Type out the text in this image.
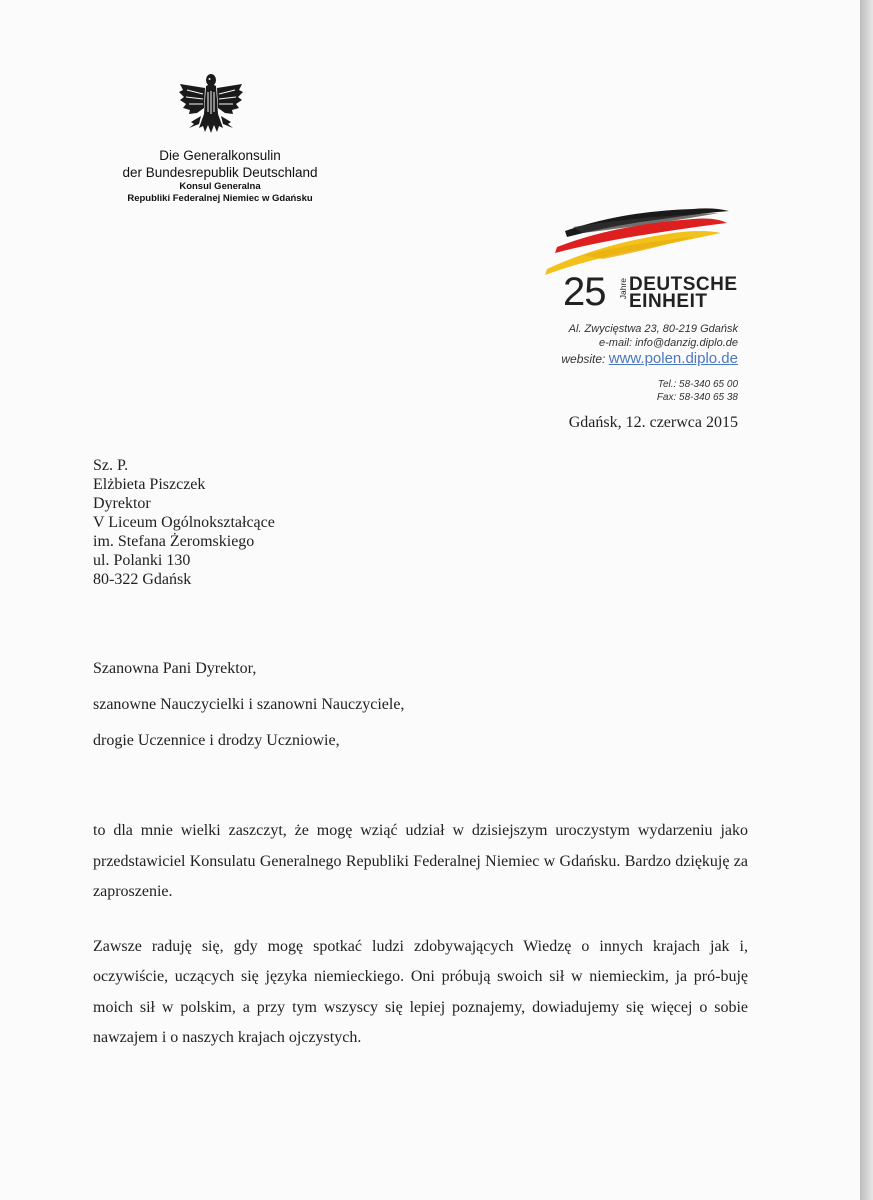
Die Generalkonsulin
der Bundesrepublik Deutschland
Konsul Generalna
Republiki Federalnej Niemiec w Gdańsku
25 Jahre DEUTSCHE
EINHEIT
Al. Zwycięstwa 23, 80-219 Gdańsk
e-mail: info@danzig.diplo.de
website: www.polen.diplo.de
Tel.: 58-340 65 00
Fax: 58-340 65 38
Gdańsk, 12. czerwca 2015
Sz. P.
Elżbieta Piszczek
Dyrektor
V Liceum Ogólnokształcące
im. Stefana Żeromskiego
ul. Polanki 130
80-322 Gdańsk
Szanowna Pani Dyrektor,
szanowne Nauczycielki i szanowni Nauczyciele,
drogie Uczennice i drodzy Uczniowie,

to dla mnie wielki zaszczyt, że mogę wziąć udział w dzisiejszym uroczystym wydarzeniu jako przedstawiciel Konsulatu Generalnego Republiki Federalnej Niemiec w Gdańsku. Bardzo dziękuję za zaproszenie.

Zawsze raduję się, gdy mogę spotkać ludzi zdobywających Wiedzę o innych krajach jak i, oczywiście, uczących się języka niemieckiego. Oni próbują swoich sił w niemieckim, ja pró-buję moich sił w polskim, a przy tym wszyscy się lepiej poznajemy, dowiadujemy się więcej o sobie nawzajem i o naszych krajach ojczystych.
